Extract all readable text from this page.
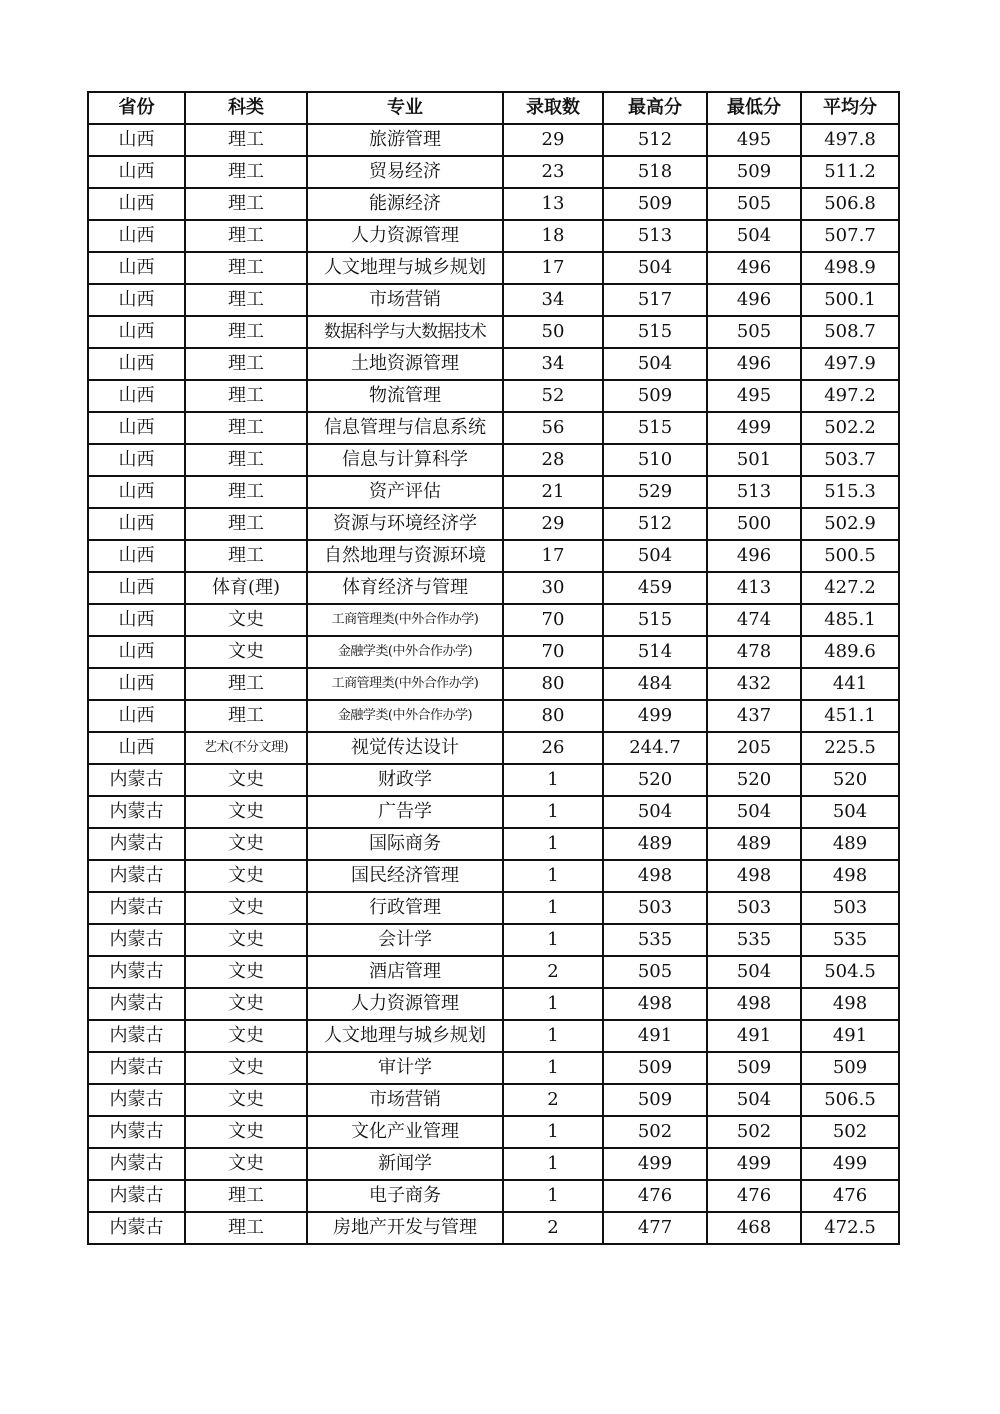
省份	科类	专业	录取数	最高分	最低分	平均分
山西	理工	旅游管理	29	512	495	497.8
山西	理工	贸易经济	23	518	509	511.2
山西	理工	能源经济	13	509	505	506.8
山西	理工	人力资源管理	18	513	504	507.7
山西	理工	人文地理与城乡规划	17	504	496	498.9
山西	理工	市场营销	34	517	496	500.1
山西	理工	数据科学与大数据技术	50	515	505	508.7
山西	理工	土地资源管理	34	504	496	497.9
山西	理工	物流管理	52	509	495	497.2
山西	理工	信息管理与信息系统	56	515	499	502.2
山西	理工	信息与计算科学	28	510	501	503.7
山西	理工	资产评估	21	529	513	515.3
山西	理工	资源与环境经济学	29	512	500	502.9
山西	理工	自然地理与资源环境	17	504	496	500.5
山西	体育(理)	体育经济与管理	30	459	413	427.2
山西	文史	工商管理类(中外合作办学)	70	515	474	485.1
山西	文史	金融学类(中外合作办学)	70	514	478	489.6
山西	理工	工商管理类(中外合作办学)	80	484	432	441
山西	理工	金融学类(中外合作办学)	80	499	437	451.1
山西	艺术(不分文理)	视觉传达设计	26	244.7	205	225.5
内蒙古	文史	财政学	1	520	520	520
内蒙古	文史	广告学	1	504	504	504
内蒙古	文史	国际商务	1	489	489	489
内蒙古	文史	国民经济管理	1	498	498	498
内蒙古	文史	行政管理	1	503	503	503
内蒙古	文史	会计学	1	535	535	535
内蒙古	文史	酒店管理	2	505	504	504.5
内蒙古	文史	人力资源管理	1	498	498	498
内蒙古	文史	人文地理与城乡规划	1	491	491	491
内蒙古	文史	审计学	1	509	509	509
内蒙古	文史	市场营销	2	509	504	506.5
内蒙古	文史	文化产业管理	1	502	502	502
内蒙古	文史	新闻学	1	499	499	499
内蒙古	理工	电子商务	1	476	476	476
内蒙古	理工	房地产开发与管理	2	477	468	472.5
